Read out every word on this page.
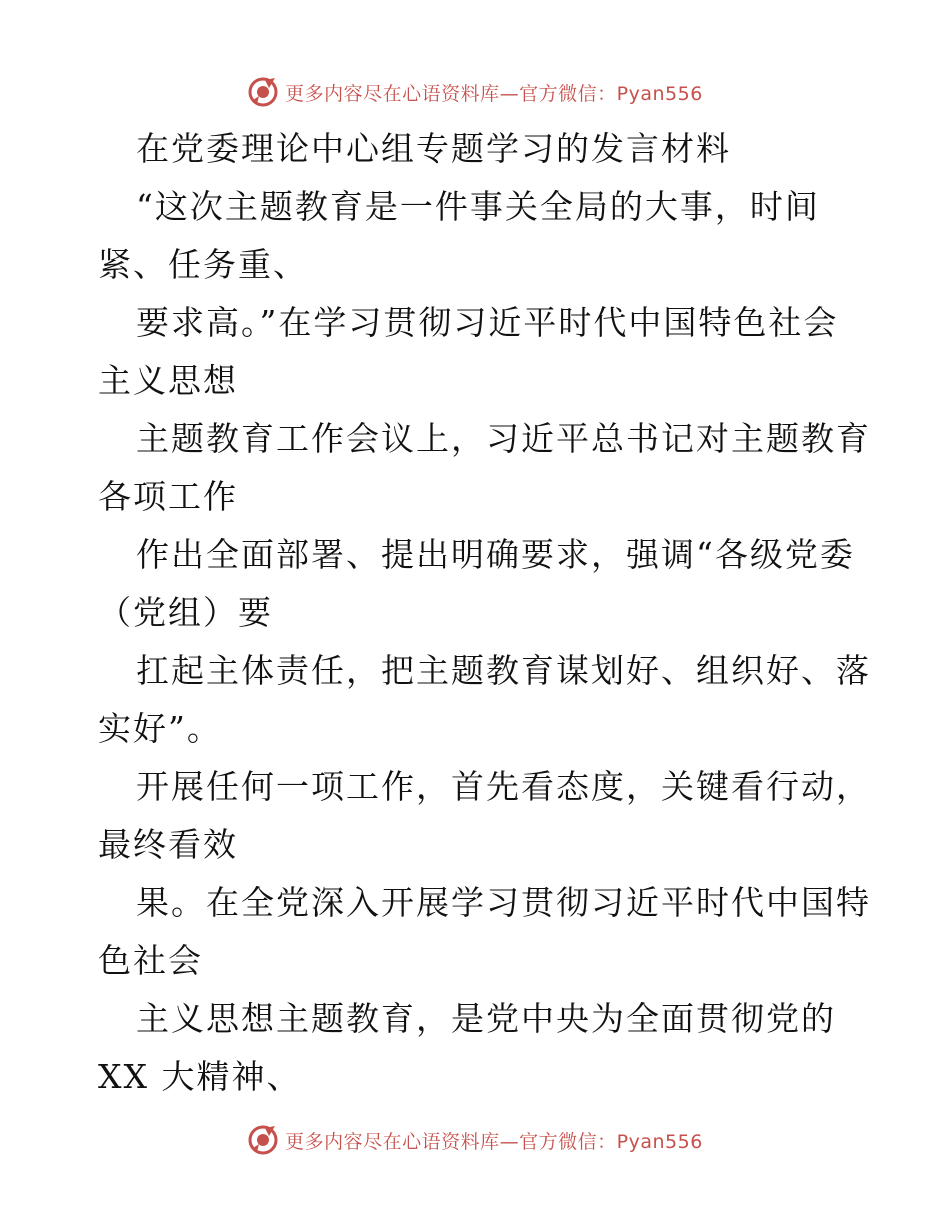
更多内容尽在心语资料库—官方微信：Pyan556
在党委理论中心组专题学习的发言材料
“这次主题教育是一件事关全局的大事，时间
紧、任务重、
要求高。”在学习贯彻习近平时代中国特色社会
主义思想
主题教育工作会议上，习近平总书记对主题教育
各项工作
作出全面部署、提出明确要求，强调“各级党委
（党组）要
扛起主体责任，把主题教育谋划好、组织好、落
实好”。
开展任何一项工作，首先看态度，关键看行动，
最终看效
果。在全党深入开展学习贯彻习近平时代中国特
色社会
主义思想主题教育，是党中央为全面贯彻党的
XX 大精神、
更多内容尽在心语资料库—官方微信：Pyan556
